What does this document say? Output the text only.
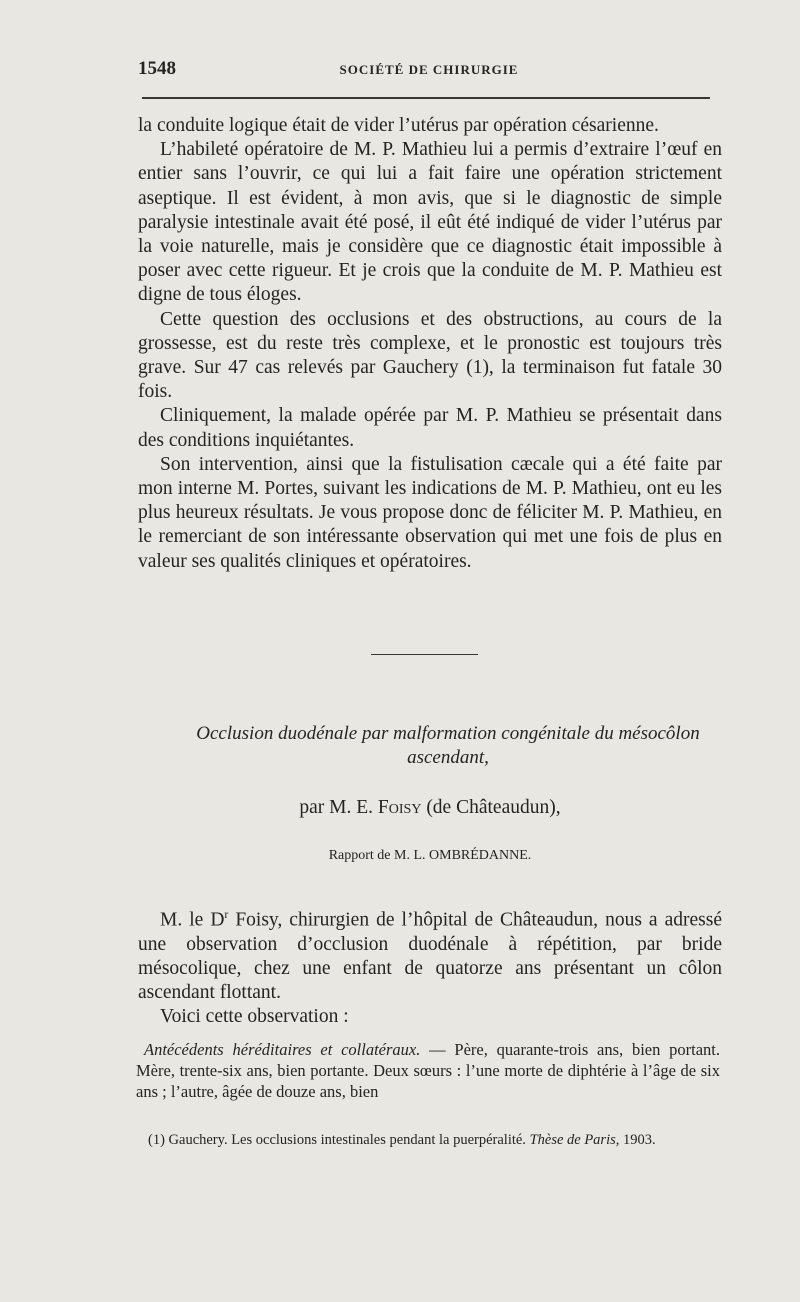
1548	SOCIÉTÉ DE CHIRURGIE

la conduite logique était de vider l’utérus par opération césarienne.

L’habileté opératoire de M. P. Mathieu lui a permis d’extraire l’œuf en entier sans l’ouvrir, ce qui lui a fait faire une opération strictement aseptique. Il est évident, à mon avis, que si le diagnostic de simple paralysie intestinale avait été posé, il eût été indiqué de vider l’utérus par la voie naturelle, mais je considère que ce diagnostic était impossible à poser avec cette rigueur. Et je crois que la conduite de M. P. Mathieu est digne de tous éloges.

Cette question des occlusions et des obstructions, au cours de la grossesse, est du reste très complexe, et le pronostic est toujours très grave. Sur 47 cas relevés par Gauchery (1), la terminaison fut fatale 30 fois.

Cliniquement, la malade opérée par M. P. Mathieu se présentait dans des conditions inquiétantes.

Son intervention, ainsi que la fistulisation cæcale qui a été faite par mon interne M. Portes, suivant les indications de M. P. Mathieu, ont eu les plus heureux résultats. Je vous propose donc de féliciter M. P. Mathieu, en le remerciant de son intéressante observation qui met une fois de plus en valeur ses qualités cliniques et opératoires.

Occlusion duodénale par malformation congénitale du mésocôlon
ascendant,
par M. E. Foisy (de Châteaudun),
Rapport de M. L. OMBRÉDANNE.

M. le $D^r$ Foisy, chirurgien de l’hôpital de Châteaudun, nous a adressé une observation d’occlusion duodénale à répétition, par bride mésocolique, chez une enfant de quatorze ans présentant un côlon ascendant flottant.

Voici cette observation :

Antécédents héréditaires et collatéraux. — Père, quarante-trois ans, bien portant. Mère, trente-six ans, bien portante. Deux sœurs : l’une morte de diphtérie à l’âge de six ans ; l’autre, âgée de douze ans, bien

(1) Gauchery. Les occlusions intestinales pendant la puerpéralité. Thèse de Paris, 1903.
